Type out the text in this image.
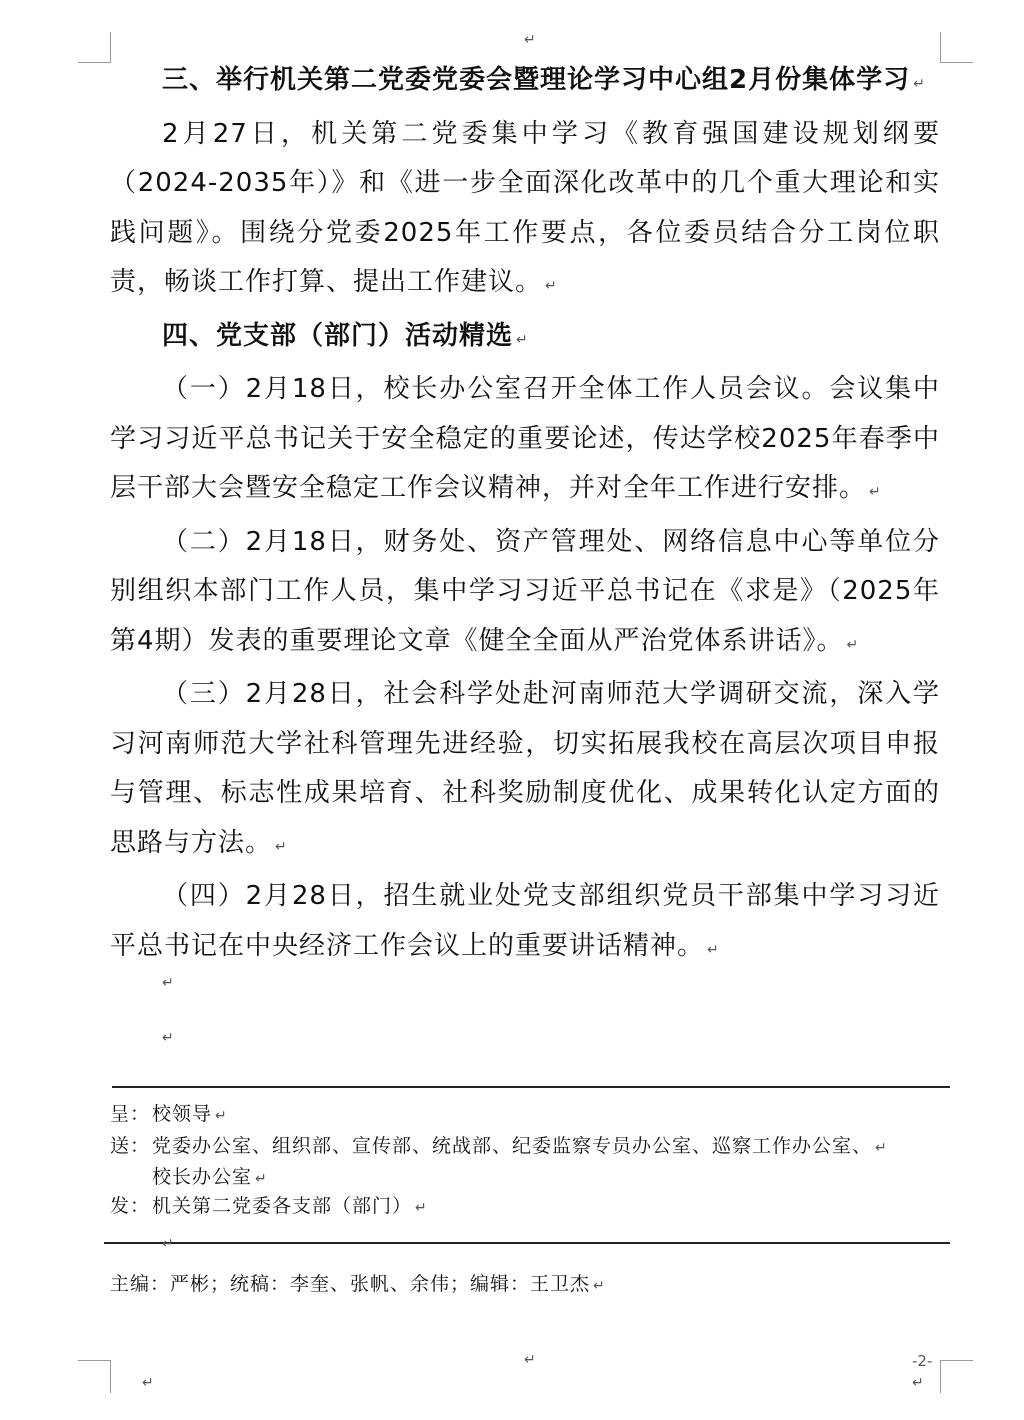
↵
↵
↵	↵

三、举行机关第二党委党委会暨理论学习中心组2月份集体学习 ↵

2月27日，机关第二党委集中学习《教育强国建设规划纲要（2024-2035年）》和《进一步全面深化改革中的几个重大理论和实践问题》。围绕分党委2025年工作要点，各位委员结合分工岗位职责，畅谈工作打算、提出工作建议。 ↵

四、党支部（部门）活动精选 ↵

（一）2月18日，校长办公室召开全体工作人员会议。会议集中学习习近平总书记关于安全稳定的重要论述，传达学校2025年春季中层干部大会暨安全稳定工作会议精神，并对全年工作进行安排。 ↵

（二）2月18日，财务处、资产管理处、网络信息中心等单位分别组织本部门工作人员，集中学习习近平总书记在《求是》（2025年第4期）发表的重要理论文章《健全全面从严治党体系讲话》。 ↵

（三）2月28日，社会科学处赴河南师范大学调研交流，深入学习河南师范大学社科管理先进经验，切实拓展我校在高层次项目申报与管理、标志性成果培育、社科奖励制度优化、成果转化认定方面的思路与方法。 ↵

（四）2月28日，招生就业处党支部组织党员干部集中学习习近平总书记在中央经济工作会议上的重要讲话精神。 ↵

↵
↵
呈： 校领导 ↵
送： 党委办公室、组织部、宣传部、统战部、纪委监察专员办公室、巡察工作办公室、 ↵
校长办公室 ↵
发： 机关第二党委各支部（部门） ↵
↵
主编：严彬；统稿：李奎、张帆、余伟；编辑：王卫杰 ↵
-2-
